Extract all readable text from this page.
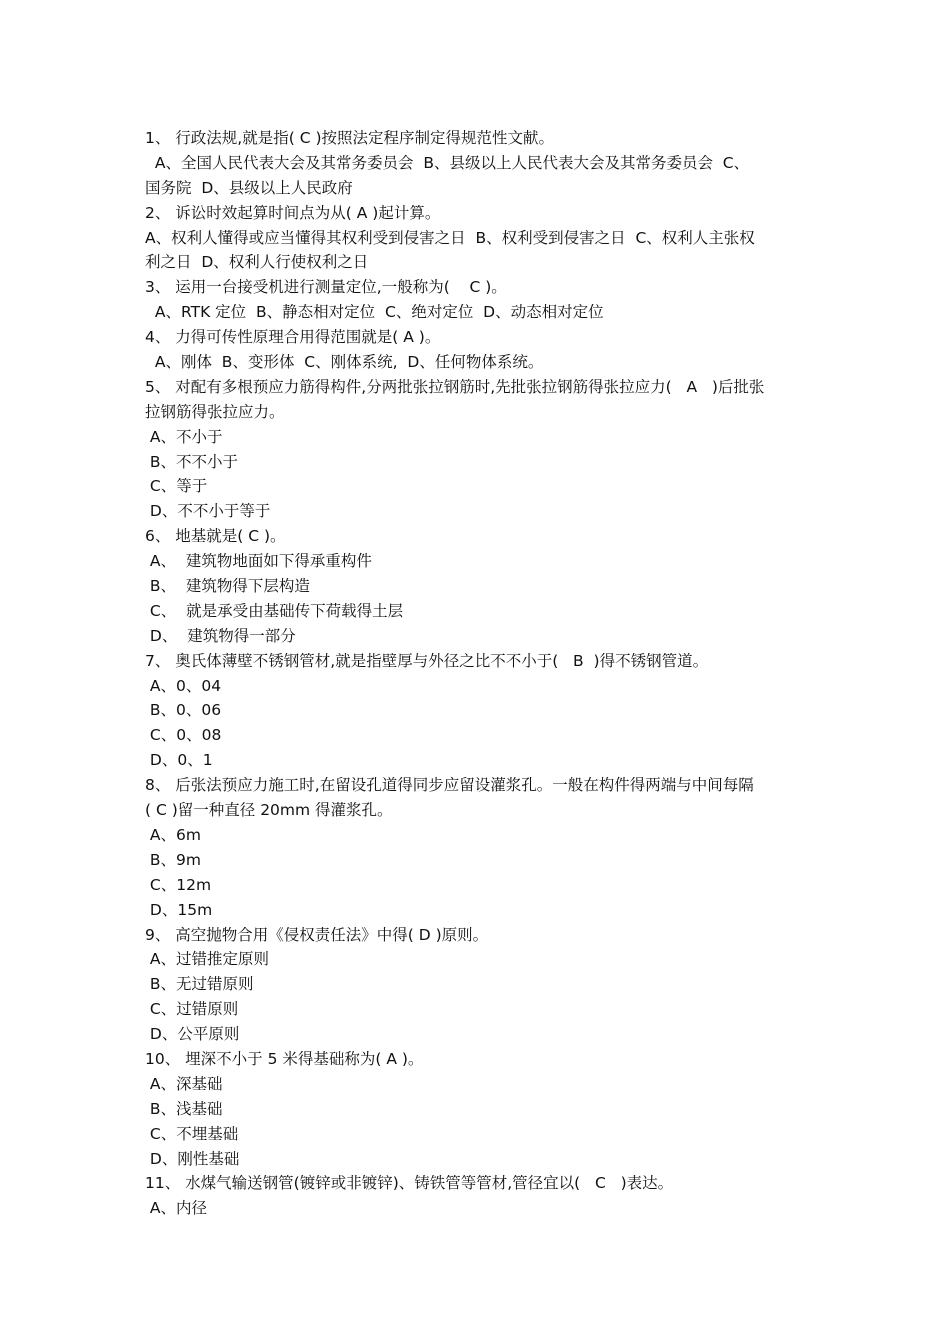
1、 行政法规,就是指( C )按照法定程序制定得规范性文献。
A、全国人民代表大会及其常务委员会  B、县级以上人民代表大会及其常务委员会  C、
国务院  D、县级以上人民政府
2、 诉讼时效起算时间点为从( A )起计算。
A、权利人懂得或应当懂得其权利受到侵害之日  B、权利受到侵害之日  C、权利人主张权
利之日  D、权利人行使权利之日
3、 运用一台接受机进行测量定位,一般称为(    C )。
A、RTK 定位  B、静态相对定位  C、绝对定位  D、动态相对定位
4、 力得可传性原理合用得范围就是( A )。
A、刚体  B、变形体  C、刚体系统,  D、任何物体系统。
5、 对配有多根预应力筋得构件,分两批张拉钢筋时,先批张拉钢筋得张拉应力(   A   )后批张
拉钢筋得张拉应力。
A、不小于
B、不不小于
C、等于
D、不不小于等于
6、 地基就是( C )。
A、  建筑物地面如下得承重构件
B、  建筑物得下层构造
C、  就是承受由基础传下荷载得土层
D、  建筑物得一部分
7、 奥氏体薄壁不锈钢管材,就是指壁厚与外径之比不不小于(   B  )得不锈钢管道。
A、0、04
B、0、06
C、0、08
D、0、1
8、 后张法预应力施工时,在留设孔道得同步应留设灌浆孔。一般在构件得两端与中间每隔
( C )留一种直径 20mm 得灌浆孔。
A、6m
B、9m
C、12m
D、15m
9、 高空抛物合用《侵权责任法》中得( D )原则。
A、过错推定原则
B、无过错原则
C、过错原则
D、公平原则
10、 埋深不小于 5 米得基础称为( A )。
A、深基础
B、浅基础
C、不埋基础
D、刚性基础
11、 水煤气输送钢管(镀锌或非镀锌)、铸铁管等管材,管径宜以(   C   )表达。
A、内径
